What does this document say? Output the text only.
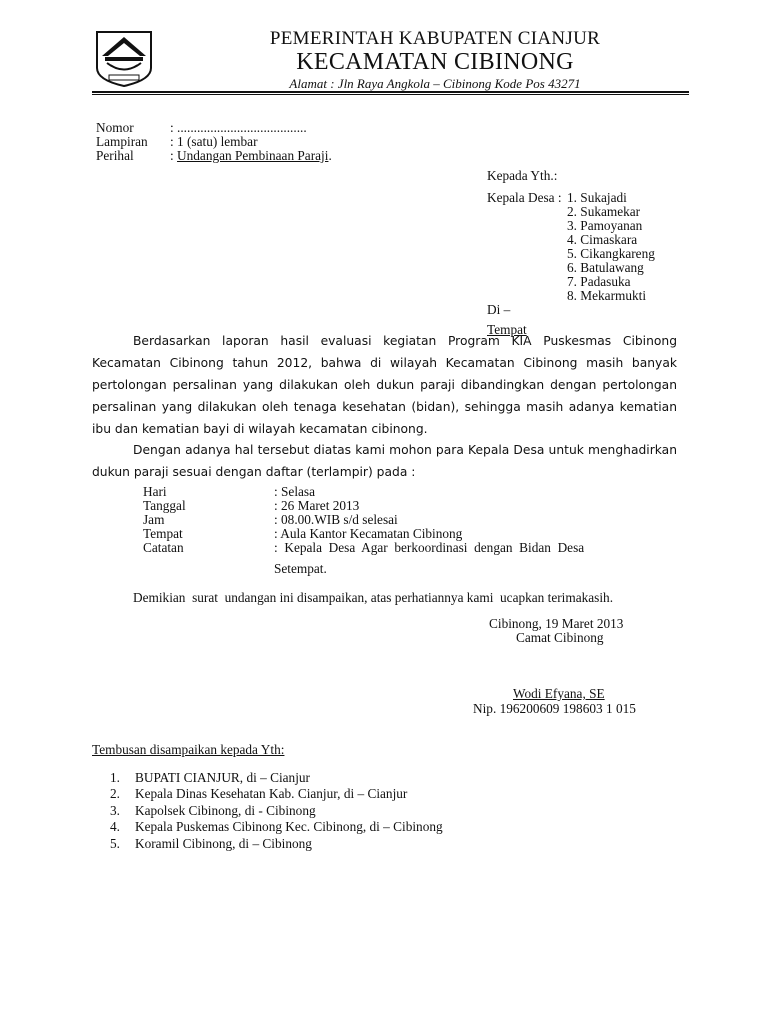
PEMERINTAH KABUPATEN CIANJUR
KECAMATAN CIBINONG
Alamat : Jln Raya Angkola – Cibinong Kode Pos 43271
Nomor	: .......................................
Lampiran : 1 (satu) lembar
Perihal	: Undangan Pembinaan Paraji.
Kepada Yth.:
Kepala Desa : 1. Sukajadi
2. Sukamekar
3. Pamoyanan
4. Cimaskara
5. Cikangkareng
6. Batulawang
7. Padasuka
8. Mekarmukti
Di –
Tempat
Berdasarkan laporan hasil evaluasi kegiatan Program KIA Puskesmas Cibinong Kecamatan Cibinong tahun 2012, bahwa di wilayah Kecamatan Cibinong masih banyak pertolongan persalinan yang dilakukan oleh dukun paraji dibandingkan dengan pertolongan persalinan yang dilakukan oleh tenaga kesehatan (bidan), sehingga masih adanya kematian ibu dan kematian bayi di wilayah kecamatan cibinong.
Dengan adanya hal tersebut diatas kami mohon para Kepala Desa untuk menghadirkan dukun paraji sesuai dengan daftar (terlampir) pada :
Hari	: Selasa
Tanggal	: 26 Maret 2013
Jam	: 08.00.WIB s/d selesai
Tempat	: Aula Kantor Kecamatan Cibinong
Catatan	:  Kepala  Desa  Agar  berkoordinasi  dengan  Bidan  Desa
Setempat.
Demikian  surat  undangan ini disampaikan, atas perhatiannya kami  ucapkan terimakasih.
Cibinong, 19 Maret 2013
Camat Cibinong
Wodi Efyana, SE
Nip. 196200609 198603 1 015
Tembusan disampaikan kepada Yth:
1. BUPATI CIANJUR, di – Cianjur
2. Kepala Dinas Kesehatan Kab. Cianjur, di – Cianjur
3. Kapolsek Cibinong, di - Cibinong
4. Kepala Puskemas Cibinong Kec. Cibinong, di – Cibinong
5. Koramil Cibinong, di – Cibinong
